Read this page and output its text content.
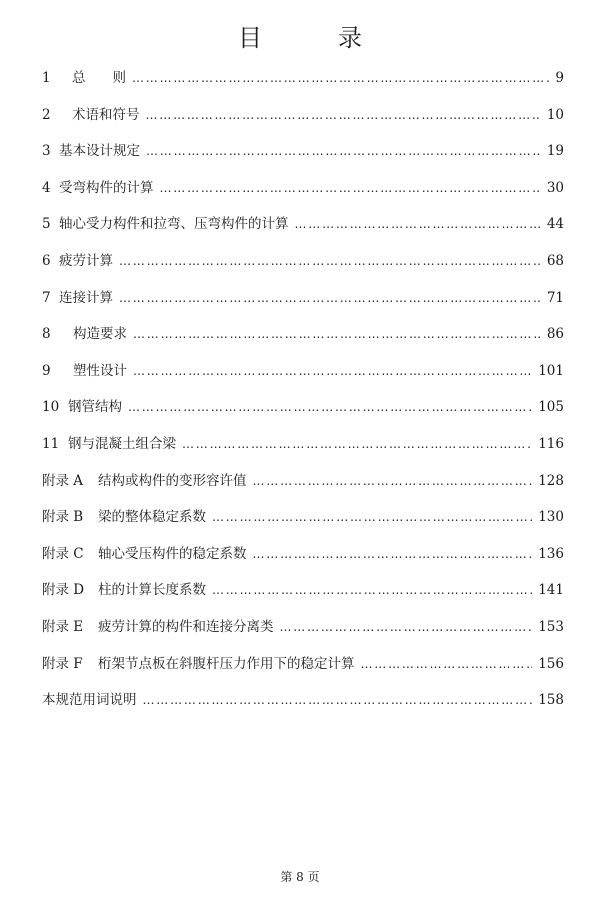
目　录
1 总　　则 ……………………………………………………………………………………………………………………………………………………………………	9
2 术语和符号 ……………………………………………………………………………………………………………………………………………………………………	10
3 基本设计规定 ……………………………………………………………………………………………………………………………………………………………………	19
4 受弯构件的计算 ……………………………………………………………………………………………………………………………………………………………………	30
5 轴心受力构件和拉弯、压弯构件的计算 ……………………………………………………………………………………………………………………………………………………………………	44
6 疲劳计算 ……………………………………………………………………………………………………………………………………………………………………	68
7 连接计算 ……………………………………………………………………………………………………………………………………………………………………	71
8 构造要求 ……………………………………………………………………………………………………………………………………………………………………	86
9 塑性设计 ……………………………………………………………………………………………………………………………………………………………………	101
10 钢管结构 ……………………………………………………………………………………………………………………………………………………………………	105
11 钢与混凝土组合梁 ……………………………………………………………………………………………………………………………………………………………………	116
附录 A 结构或构件的变形容许值 ……………………………………………………………………………………………………………………………………………………………………	128
附录 B 梁的整体稳定系数 ……………………………………………………………………………………………………………………………………………………………………	130
附录 C 轴心受压构件的稳定系数 ……………………………………………………………………………………………………………………………………………………………………	136
附录 D 柱的计算长度系数 ……………………………………………………………………………………………………………………………………………………………………	141
附录 E 疲劳计算的构件和连接分离类 ……………………………………………………………………………………………………………………………………………………………………	153
附录 F 桁架节点板在斜腹杆压力作用下的稳定计算 ……………………………………………………………………………………………………………………………………………………………………	156
本规范用词说明 ……………………………………………………………………………………………………………………………………………………………………	158
第 8 页
